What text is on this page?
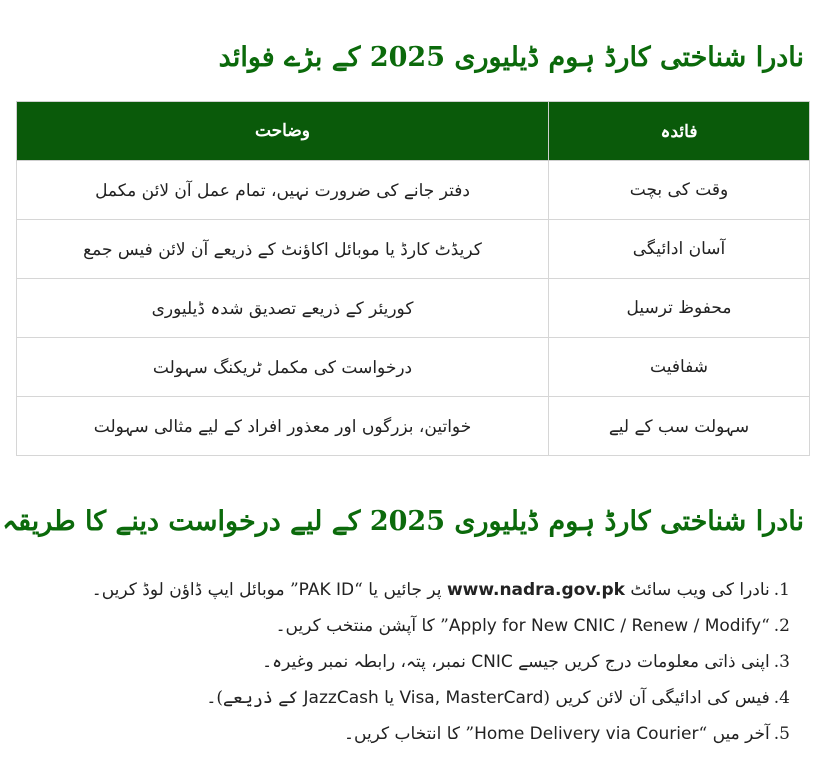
نادرا شناختی کارڈ ہوم ڈیلیوری 2025 کے بڑے فوائد
فائدہ	وضاحت
وقت کی بچت	دفتر جانے کی ضرورت نہیں، تمام عمل آن لائن مکمل
آسان ادائیگی	کریڈٹ کارڈ یا موبائل اکاؤنٹ کے ذریعے آن لائن فیس جمع
محفوظ ترسیل	کوریئر کے ذریعے تصدیق شدہ ڈیلیوری
شفافیت	درخواست کی مکمل ٹریکنگ سہولت
سہولت سب کے لیے	خواتین، بزرگوں اور معذور افراد کے لیے مثالی سہولت
نادرا شناختی کارڈ ہوم ڈیلیوری 2025 کے لیے درخواست دینے کا طریقہ
1.نادرا کی ویب سائٹ www.nadra.gov.pk پر جائیں یا “PAK ID” موبائل ایپ ڈاؤن لوڈ کریں۔
2.“Apply for New CNIC / Renew / Modify” کا آپشن منتخب کریں۔
3.اپنی ذاتی معلومات درج کریں جیسے CNIC نمبر، پتہ، رابطہ نمبر وغیرہ۔
4.فیس کی ادائیگی آن لائن کریں (Visa, MasterCard یا JazzCash کے ذریعے)۔
5.آخر میں “Home Delivery via Courier” کا انتخاب کریں۔
